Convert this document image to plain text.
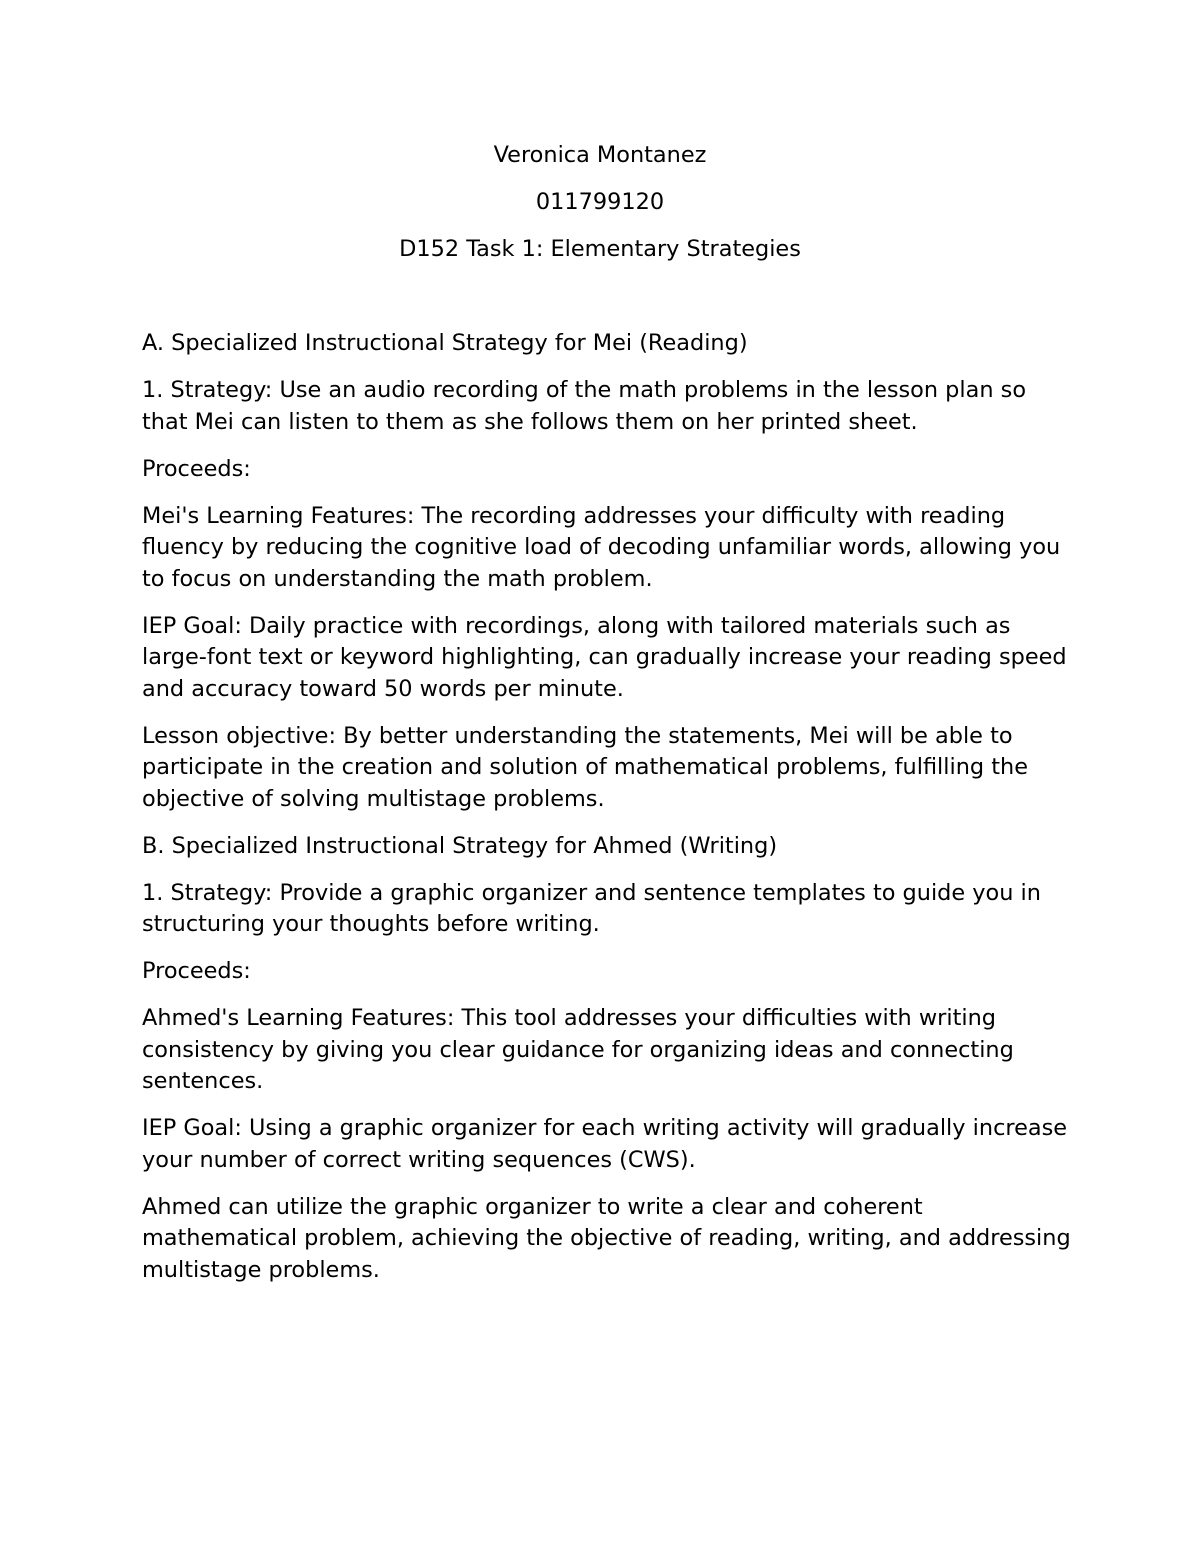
Veronica Montanez

011799120

D152 Task 1: Elementary Strategies

A. Specialized Instructional Strategy for Mei (Reading)

1. Strategy: Use an audio recording of the math problems in the lesson plan so that Mei can listen to them as she follows them on her printed sheet.

Proceeds:

Mei's Learning Features: The recording addresses your difficulty with reading fluency by reducing the cognitive load of decoding unfamiliar words, allowing you to focus on understanding the math problem.

IEP Goal: Daily practice with recordings, along with tailored materials such as large-font text or keyword highlighting, can gradually increase your reading speed and accuracy toward 50 words per minute.

Lesson objective: By better understanding the statements, Mei will be able to participate in the creation and solution of mathematical problems, fulfilling the objective of solving multistage problems.

B. Specialized Instructional Strategy for Ahmed (Writing)

1. Strategy: Provide a graphic organizer and sentence templates to guide you in structuring your thoughts before writing.

Proceeds:

Ahmed's Learning Features: This tool addresses your difficulties with writing consistency by giving you clear guidance for organizing ideas and connecting sentences.

IEP Goal: Using a graphic organizer for each writing activity will gradually increase your number of correct writing sequences (CWS).

Ahmed can utilize the graphic organizer to write a clear and coherent mathematical problem, achieving the objective of reading, writing, and addressing multistage problems.
